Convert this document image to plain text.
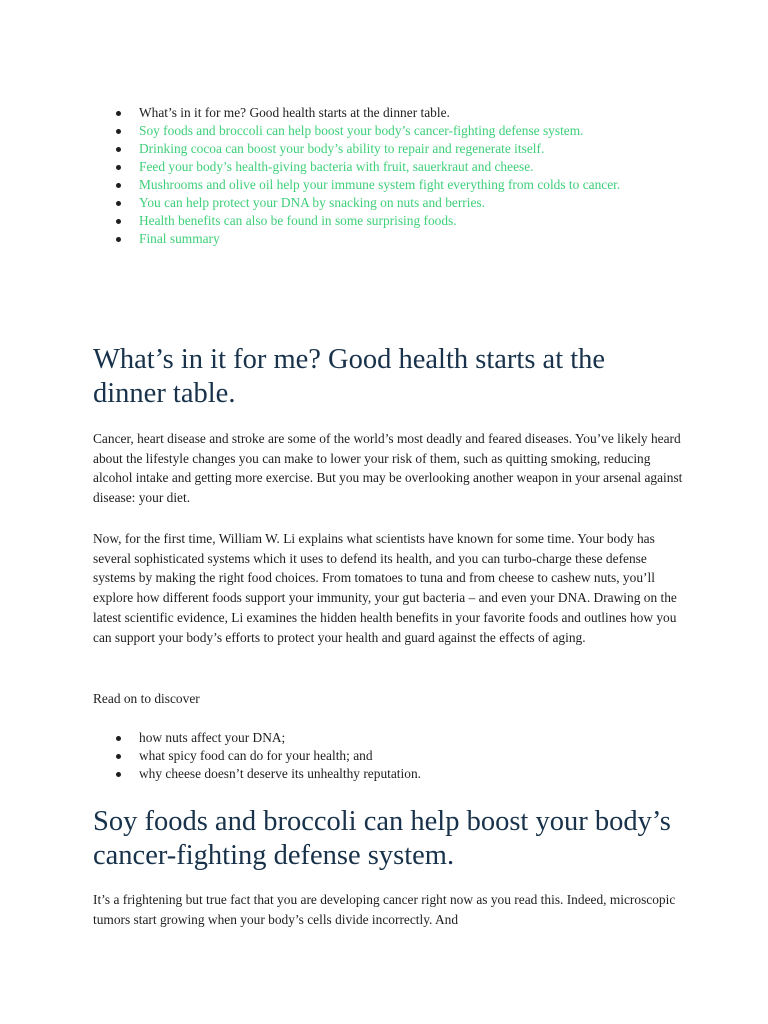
What’s in it for me? Good health starts at the dinner table.
Soy foods and broccoli can help boost your body’s cancer-fighting defense system.
Drinking cocoa can boost your body’s ability to repair and regenerate itself.
Feed your body’s health-giving bacteria with fruit, sauerkraut and cheese.
Mushrooms and olive oil help your immune system fight everything from colds to cancer.
You can help protect your DNA by snacking on nuts and berries.
Health benefits can also be found in some surprising foods.
Final summary
What’s in it for me? Good health starts at the dinner table.

Cancer, heart disease and stroke are some of the world’s most deadly and feared diseases. You’ve likely heard about the lifestyle changes you can make to lower your risk of them, such as quitting smoking, reducing alcohol intake and getting more exercise. But you may be overlooking another weapon in your arsenal against disease: your diet.

Now, for the first time, William W. Li explains what scientists have known for some time. Your body has several sophisticated systems which it uses to defend its health, and you can turbo-charge these defense systems by making the right food choices. From tomatoes to tuna and from cheese to cashew nuts, you’ll explore how different foods support your immunity, your gut bacteria – and even your DNA. Drawing on the latest scientific evidence, Li examines the hidden health benefits in your favorite foods and outlines how you can support your body’s efforts to protect your health and guard against the effects of aging.

Read on to discover

how nuts affect your DNA;
what spicy food can do for your health; and
why cheese doesn’t deserve its unhealthy reputation.
Soy foods and broccoli can help boost your body’s cancer-fighting defense system.

It’s a frightening but true fact that you are developing cancer right now as you read this. Indeed, microscopic tumors start growing when your body’s cells divide incorrectly. And
